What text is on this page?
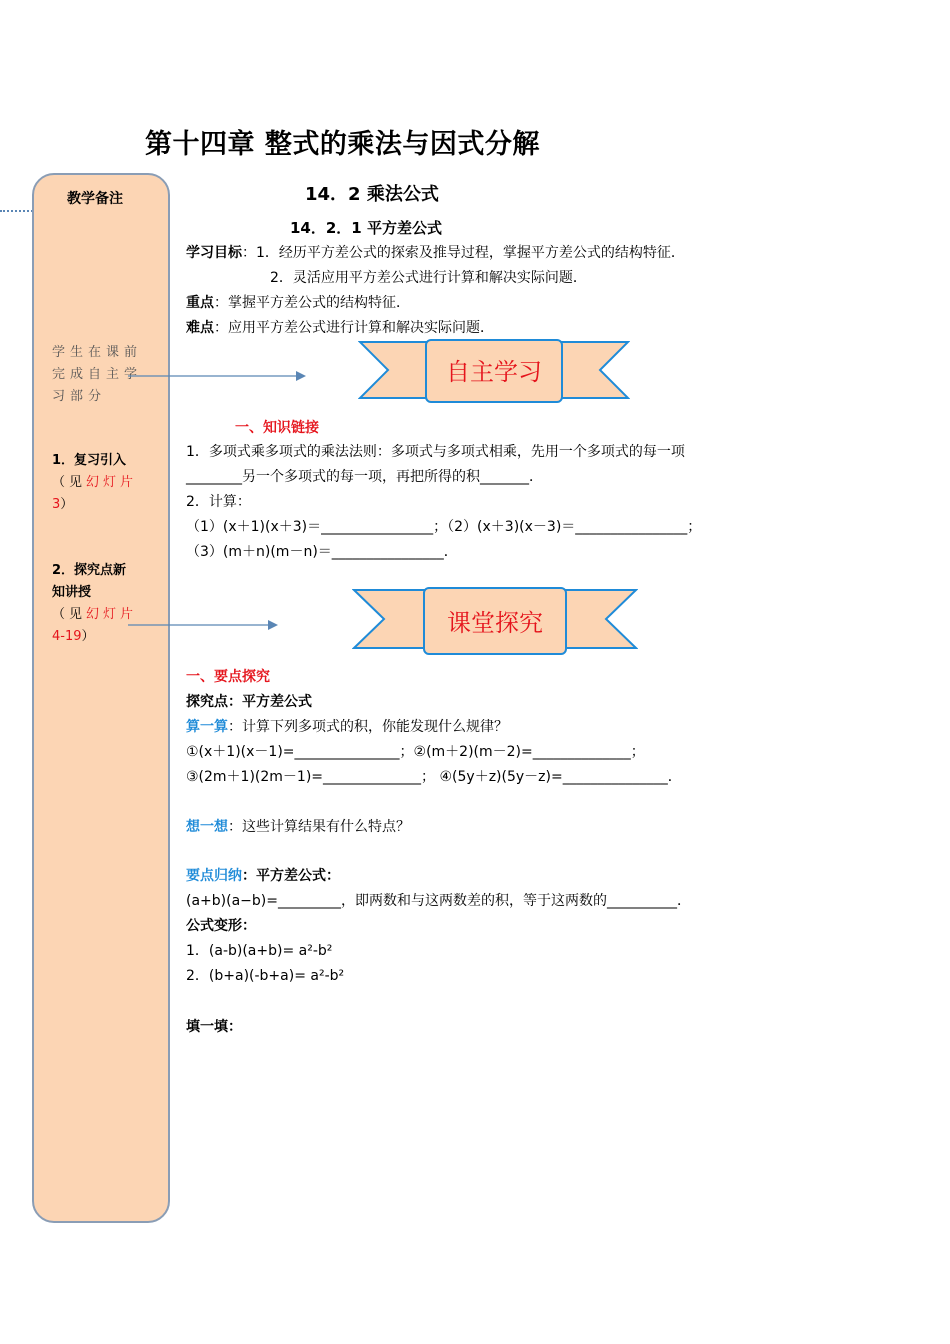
教学备注
学生在课前完成自主学习部分
1．复习引入
（见幻灯片
3）
2．探究点新知讲授
（见幻灯片
4-19）
第十四章 整式的乘法与因式分解
14．2 乘法公式
14．2．1 平方差公式
学习目标：1．经历平方差公式的探索及推导过程，掌握平方差公式的结构特征．
2．灵活应用平方差公式进行计算和解决实际问题．
重点：掌握平方差公式的结构特征．
难点：应用平方差公式进行计算和解决实际问题．
自主学习
一、知识链接
1．多项式乘多项式的乘法法则：多项式与多项式相乘，先用一个多项式的每一项
________另一个多项式的每一项，再把所得的积_______．
2．计算：
（1）(x＋1)(x＋3)＝________________；（2）(x＋3)(x－3)＝________________；
（3）(m＋n)(m－n)＝________________．
课堂探究
一、要点探究
探究点：平方差公式
算一算：计算下列多项式的积，你能发现什么规律？
①(x＋1)(x－1)=_______________；②(m＋2)(m－2)=______________；
③(2m＋1)(2m－1)=______________； ④(5y＋z)(5y－z)=_______________．
想一想：这些计算结果有什么特点？
要点归纳：平方差公式：
(a+b)(a−b)=_________，即两数和与这两数差的积，等于这两数的__________．
公式变形：
1．(a-b)(a+b)= a²-b²
2．(b+a)(-b+a)= a²-b²
填一填：
